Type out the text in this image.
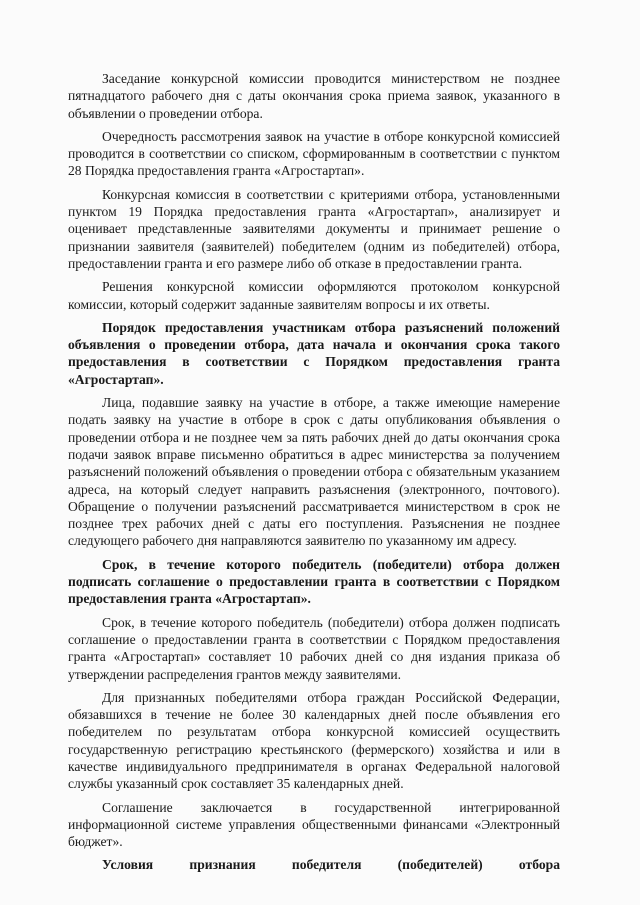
Заседание конкурсной комиссии проводится министерством не позднее пятнадцатого рабочего дня с даты окончания срока приема заявок, указанного в объявлении о проведении отбора.

Очередность рассмотрения заявок на участие в отборе конкурсной комиссией проводится в соответствии со списком, сформированным в соответствии с пунктом 28 Порядка предоставления гранта «Агростартап».

Конкурсная комиссия в соответствии с критериями отбора, установленными пунктом 19 Порядка предоставления гранта «Агростартап», анализирует и оценивает представленные заявителями документы и принимает решение о признании заявителя (заявителей) победителем (одним из победителей) отбора, предоставлении гранта и его размере либо об отказе в предоставлении гранта.

Решения конкурсной комиссии оформляются протоколом конкурсной комиссии, который содержит заданные заявителям вопросы и их ответы.

Порядок предоставления участникам отбора разъяснений положений объявления о проведении отбора, дата начала и окончания срока такого предоставления в соответствии с Порядком предоставления гранта «Агростартап».

Лица, подавшие заявку на участие в отборе, а также имеющие намерение подать заявку на участие в отборе в срок с даты опубликования объявления о проведении отбора и не позднее чем за пять рабочих дней до даты окончания срока подачи заявок вправе письменно обратиться в адрес министерства за получением разъяснений положений объявления о проведении отбора с обязательным указанием адреса, на который следует направить разъяснения (электронного, почтового). Обращение о получении разъяснений рассматривается министерством в срок не позднее трех рабочих дней с даты его поступления. Разъяснения не позднее следующего рабочего дня направляются заявителю по указанному им адресу.

Срок, в течение которого победитель (победители) отбора должен подписать соглашение о предоставлении гранта в соответствии с Порядком предоставления гранта «Агростартап».

Срок, в течение которого победитель (победители) отбора должен подписать соглашение о предоставлении гранта в соответствии с Порядком предоставления гранта «Агростартап» составляет 10 рабочих дней со дня издания приказа об утверждении распределения грантов между заявителями.

Для признанных победителями отбора граждан Российской Федерации, обязавшихся в течение не более 30 календарных дней после объявления его победителем по результатам отбора конкурсной комиссией осуществить государственную регистрацию крестьянского (фермерского) хозяйства и или в качестве индивидуального предпринимателя в органах Федеральной налоговой службы указанный срок составляет 35 календарных дней.

Соглашение заключается в государственной интегрированной информационной системе управления общественными финансами «Электронный бюджет».

Условия признания победителя (победителей) отбора
